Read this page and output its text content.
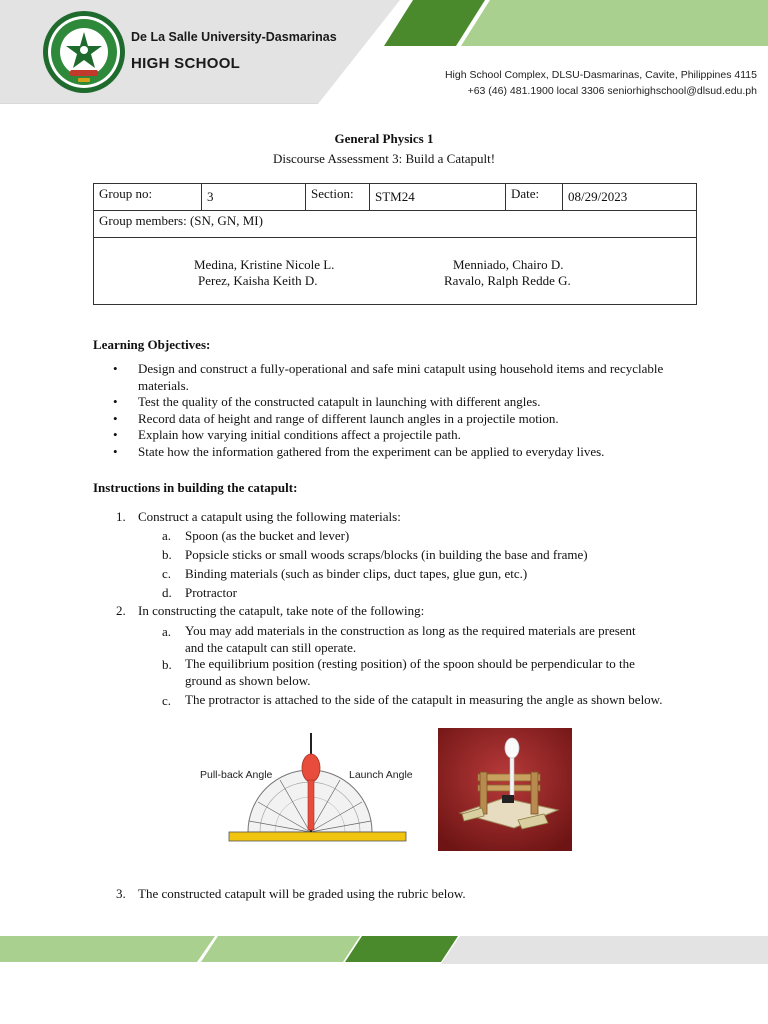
De La Salle University-Dasmarinas
HIGH SCHOOL
High School Complex, DLSU-Dasmarinas, Cavite, Philippines 4115
+63 (46) 481.1900 local 3306 seniorhighschool@dlsud.edu.ph
General Physics 1
Discourse Assessment 3: Build a Catapult!
Group no:	3	Section:	STM24	Date:	08/29/2023
Group members: (SN, GN, MI)

Medina, Kristine Nicole L.
Perez, Kaisha Keith D.
Menniado, Chairo D.
Ravalo, Ralph Redde G.
Learning Objectives:
• Design and construct a fully-operational and safe mini catapult using household items and recyclable materials.
• Test the quality of the constructed catapult in launching with different angles.
• Record data of height and range of different launch angles in a projectile motion.
• Explain how varying initial conditions affect a projectile path.
• State how the information gathered from the experiment can be applied to everyday lives.
Instructions in building the catapult:
1. Construct a catapult using the following materials:
a. Spoon (as the bucket and lever)
b. Popsicle sticks or small woods scraps/blocks (in building the base and frame)
c. Binding materials (such as binder clips, duct tapes, glue gun, etc.)
d. Protractor
2. In constructing the catapult, take note of the following:
a. You may add materials in the construction as long as the required materials are present and the catapult can still operate.
b. The equilibrium position (resting position) of the spoon should be perpendicular to the ground as shown below.
c. The protractor is attached to the side of the catapult in measuring the angle as shown below.
Pull-back Angle	Launch Angle
3. The constructed catapult will be graded using the rubric below.
